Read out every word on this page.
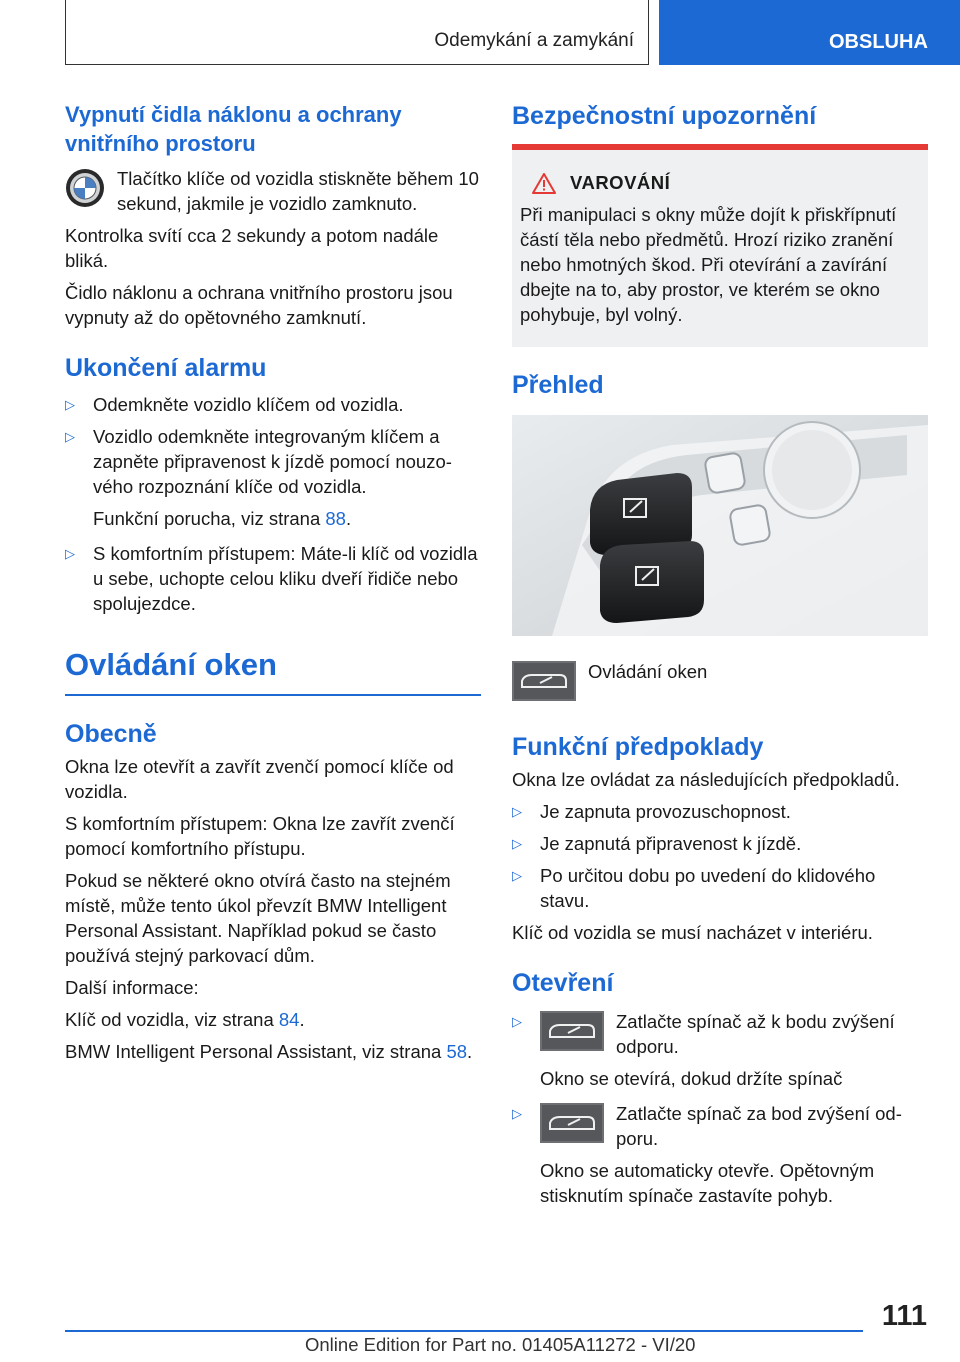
Odemykání a zamykání	OBSLUHA
Vypnutí čidla náklonu a ochrany vnitřního prostoru

Tlačítko klíče od vozidla stiskněte během 10 sekund, jakmile je vozidlo zamknuto.

Kontrolka svítí cca 2 sekundy a potom nadále bliká.

Čidlo náklonu a ochrana vnitřního prostoru jsou vypnuty až do opětovného zamknutí.

Ukončení alarmu
▷ Odemkněte vozidlo klíčem od vozidla.
▷ Vozidlo odemkněte integrovaným klíčem a zapněte připravenost k jízdě pomocí nouzového rozpoznání klíče od vozidla.

Funkční porucha, viz strana 88.

▷ S komfortním přístupem: Máte-li klíč od vozidla u sebe, uchopte celou kliku dveří řidiče nebo spolujezdce.
Ovládání oken
Obecně

Okna lze otevřít a zavřít zvenčí pomocí klíče od vozidla.

S komfortním přístupem: Okna lze zavřít zvenčí pomocí komfortního přístupu.

Pokud se některé okno otvírá často na stejném místě, může tento úkol převzít BMW Intelligent Personal Assistant. Například pokud se často používá stejný parkovací dům.

Další informace:

Klíč od vozidla, viz strana 84.

BMW Intelligent Personal Assistant, viz strana 58.

Bezpečnostní upozornění
VAROVÁNÍ

Při manipulaci s okny může dojít k přiskřípnutí částí těla nebo předmětů. Hrozí riziko zranění nebo hmotných škod. Při otevírání a zavírání dbejte na to, aby prostor, ve kterém se okno pohybuje, byl volný.

Přehled

Ovládání oken

Funkční předpoklady

Okna lze ovládat za následujících předpokladů.

▷ Je zapnuta provozuschopnost.
▷ Je zapnutá připravenost k jízdě.
▷ Po určitou dobu po uvedení do klidového stavu.

Klíč od vozidla se musí nacházet v interiéru.

Otevření
▷	Zatlačte spínač až k bodu zvýšení odporu.

Okno se otevírá, dokud držíte spínač

▷	Zatlačte spínač za bod zvýšení odporu.

Okno se automaticky otevře. Opětovným stisknutím spínače zastavíte pohyb.

111
Online Edition for Part no. 01405A11272 - VI/20
